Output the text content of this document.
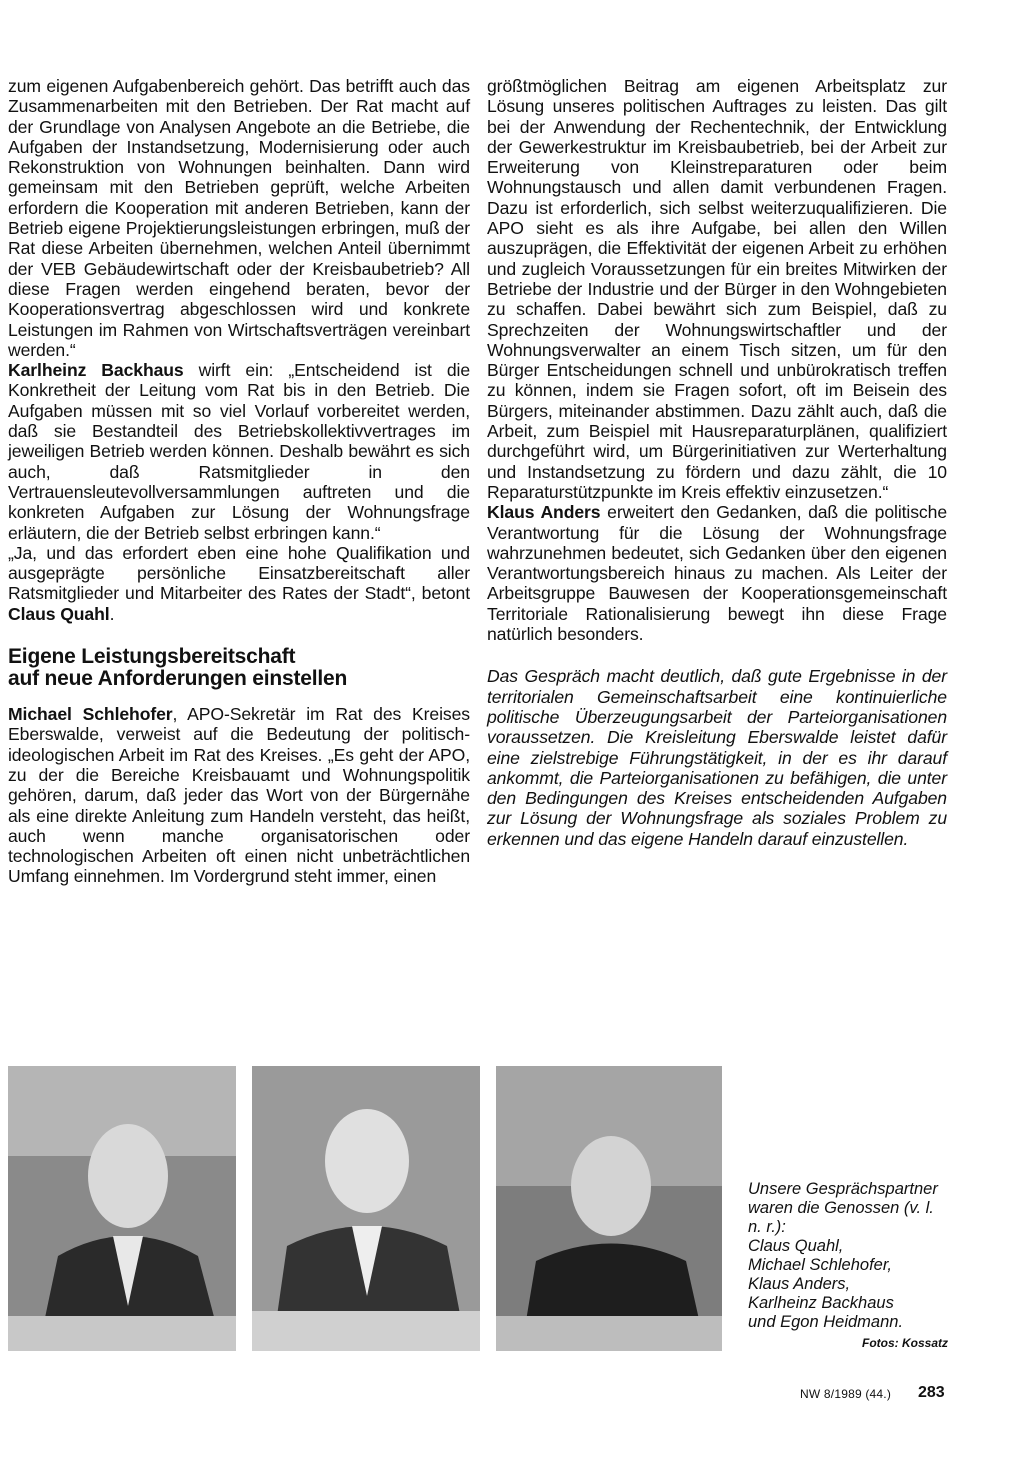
zum eigenen Aufgabenbereich gehört. Das betrifft auch das Zusammenarbeiten mit den Betrieben. Der Rat macht auf der Grundlage von Analysen Angebote an die Betriebe, die Aufgaben der Instandsetzung, Modernisierung oder auch Rekonstruktion von Wohnungen beinhalten. Dann wird gemeinsam mit den Betrieben geprüft, welche Arbeiten erfordern die Kooperation mit anderen Betrieben, kann der Betrieb eigene Projektierungsleistungen erbringen, muß der Rat diese Arbeiten übernehmen, welchen Anteil übernimmt der VEB Gebäudewirtschaft oder der Kreisbaubetrieb? All diese Fragen werden eingehend beraten, bevor der Kooperationsvertrag abgeschlossen wird und konkrete Leistungen im Rahmen von Wirtschaftsverträgen vereinbart werden.“

Karlheinz Backhaus wirft ein: „Entscheidend ist die Konkretheit der Leitung vom Rat bis in den Betrieb. Die Aufgaben müssen mit so viel Vorlauf vorbereitet werden, daß sie Bestandteil des Betriebskollektivvertrages im jeweiligen Betrieb werden können. Deshalb bewährt es sich auch, daß Ratsmitglieder in den Vertrauensleutevollversammlungen auftreten und die konkreten Aufgaben zur Lösung der Wohnungsfrage erläutern, die der Betrieb selbst erbringen kann.“

„Ja, und das erfordert eben eine hohe Qualifikation und ausgeprägte persönliche Einsatzbereitschaft aller Ratsmitglieder und Mitarbeiter des Rates der Stadt“, betont Claus Quahl.

Eigene Leistungsbereitschaft
auf neue Anforderungen einstellen

Michael Schlehofer, APO-Sekretär im Rat des Kreises Eberswalde, verweist auf die Bedeutung der politisch-ideologischen Arbeit im Rat des Kreises. „Es geht der APO, zu der die Bereiche Kreisbauamt und Wohnungspolitik gehören, darum, daß jeder das Wort von der Bürgernähe als eine direkte Anleitung zum Handeln versteht, das heißt, auch wenn manche organisatorischen oder technologischen Arbeiten oft einen nicht unbeträchtlichen Umfang einnehmen. Im Vordergrund steht immer, einen

größtmöglichen Beitrag am eigenen Arbeitsplatz zur Lösung unseres politischen Auftrages zu leisten. Das gilt bei der Anwendung der Rechentechnik, der Entwicklung der Gewerkestruktur im Kreisbaubetrieb, bei der Arbeit zur Erweiterung von Kleinstreparaturen oder beim Wohnungstausch und allen damit verbundenen Fragen. Dazu ist erforderlich, sich selbst weiterzuqualifizieren. Die APO sieht es als ihre Aufgabe, bei allen den Willen auszuprägen, die Effektivität der eigenen Arbeit zu erhöhen und zugleich Voraussetzungen für ein breites Mitwirken der Betriebe der Industrie und der Bürger in den Wohngebieten zu schaffen. Dabei bewährt sich zum Beispiel, daß zu Sprechzeiten der Wohnungswirtschaftler und der Wohnungsverwalter an einem Tisch sitzen, um für den Bürger Entscheidungen schnell und unbürokratisch treffen zu können, indem sie Fragen sofort, oft im Beisein des Bürgers, miteinander abstimmen. Dazu zählt auch, daß die Arbeit, zum Beispiel mit Hausreparaturplänen, qualifiziert durchgeführt wird, um Bürgerinitiativen zur Werterhaltung und Instandsetzung zu fördern und dazu zählt, die 10 Reparaturstützpunkte im Kreis effektiv einzusetzen.“

Klaus Anders erweitert den Gedanken, daß die politische Verantwortung für die Lösung der Wohnungsfrage wahrzunehmen bedeutet, sich Gedanken über den eigenen Verantwortungsbereich hinaus zu machen. Als Leiter der Arbeitsgruppe Bauwesen der Kooperationsgemeinschaft Territoriale Rationalisierung bewegt ihn diese Frage natürlich besonders.

Das Gespräch macht deutlich, daß gute Ergebnisse in der territorialen Gemeinschaftsarbeit eine kontinuierliche politische Überzeugungsarbeit der Parteiorganisationen voraussetzen. Die Kreisleitung Eberswalde leistet dafür eine zielstrebige Führungstätigkeit, in der es ihr darauf ankommt, die Parteiorganisationen zu befähigen, die unter den Bedingungen des Kreises entscheidenden Aufgaben zur Lösung der Wohnungsfrage als soziales Problem zu erkennen und das eigene Handeln darauf einzustellen.

Unsere Gesprächspartner waren die Genossen (v. l. n. r.):
Claus Quahl,
Michael Schlehofer,
Klaus Anders,
Karlheinz Backhaus
und Egon Heidmann.
Fotos: Kossatz
NW 8/1989 (44.) 283
